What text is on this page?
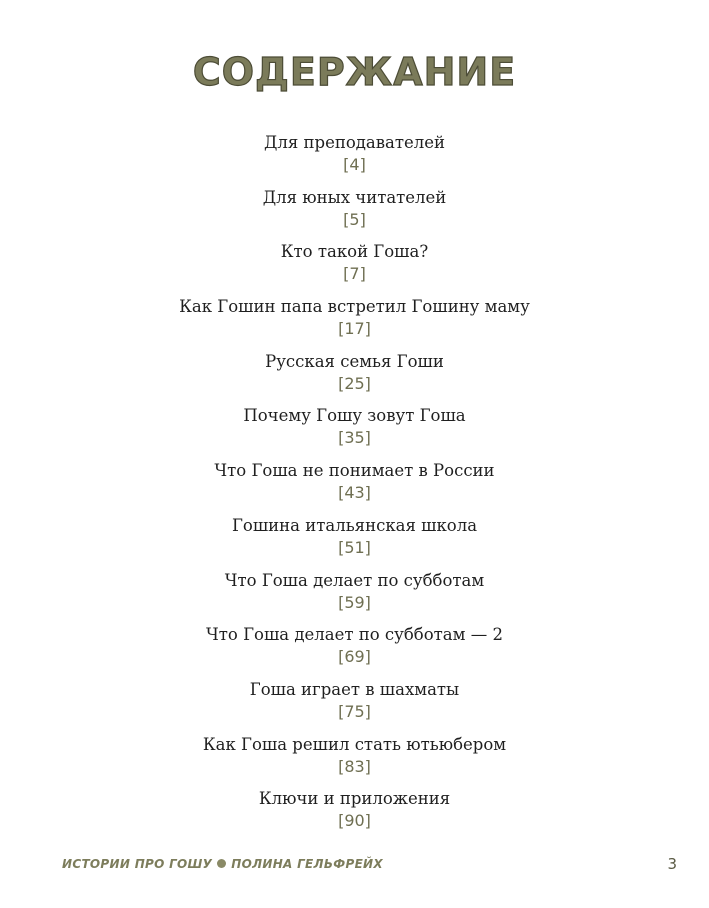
СОДЕРЖАНИЕ
Для преподавателей
[4]
Для юных читателей
[5]
Кто такой Гоша?
[7]
Как Гошин папа встретил Гошину маму
[17]
Русская семья Гоши
[25]
Почему Гошу зовут Гоша
[35]
Что Гоша не понимает в России
[43]
Гошина итальянская школа
[51]
Что Гоша делает по субботам
[59]
Что Гоша делает по субботам — 2
[69]
Гоша играет в шахматы
[75]
Как Гоша решил стать ютьюбером
[83]
Ключи и приложения
[90]
ИСТОРИИ ПРО ГОШУ ПОЛИНА ГЕЛЬФРЕЙХ	3
